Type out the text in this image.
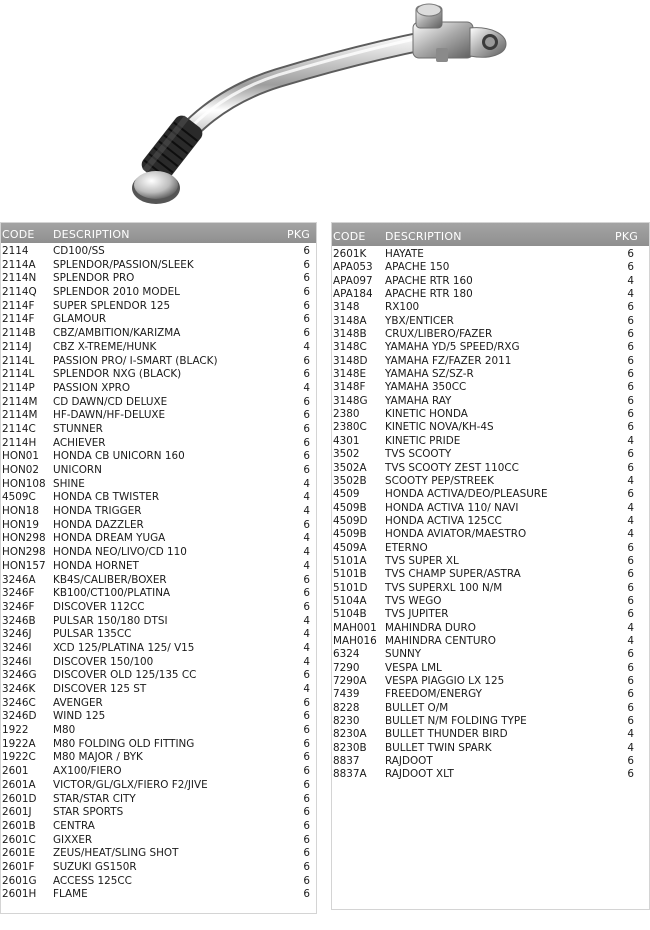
CODE	DESCRIPTION	PKG
2114	CD100/SS	6
2114A	SPLENDOR/PASSION/SLEEK	6
2114N	SPLENDOR PRO	6
2114Q	SPLENDOR 2010 MODEL	6
2114F	SUPER SPLENDOR 125	6
2114F	GLAMOUR	6
2114B	CBZ/AMBITION/KARIZMA	6
2114J	CBZ X-TREME/HUNK	4
2114L	PASSION PRO/ I-SMART (BLACK)	6
2114L	SPLENDOR NXG (BLACK)	6
2114P	PASSION XPRO	4
2114M	CD DAWN/CD DELUXE	6
2114M	HF-DAWN/HF-DELUXE	6
2114C	STUNNER	6
2114H	ACHIEVER	6
HON01	HONDA CB UNICORN 160	6
HON02	UNICORN	6
HON108 SHINE	4
4509C	HONDA CB TWISTER	4
HON18	HONDA TRIGGER	4
HON19	HONDA DAZZLER	6
HON298 HONDA DREAM YUGA	4
HON298 HONDA NEO/LIVO/CD 110	4
HON157 HONDA HORNET	4
3246A	KB4S/CALIBER/BOXER	6
3246F	KB100/CT100/PLATINA	6
3246F	DISCOVER 112CC	6
3246B	PULSAR 150/180 DTSI	4
3246J	PULSAR 135CC	4
3246I	XCD 125/PLATINA 125/ V15	4
3246I	DISCOVER 150/100	4
3246G	DISCOVER OLD 125/135 CC	6
3246K	DISCOVER 125 ST	4
3246C	AVENGER	6
3246D	WIND 125	6
1922	M80	6
1922A	M80 FOLDING OLD FITTING	6
1922C	M80 MAJOR / BYK	6
2601	AX100/FIERO	6
2601A	VICTOR/GL/GLX/FIERO F2/JIVE	6
2601D	STAR/STAR CITY	6
2601J	STAR SPORTS	6
2601B	CENTRA	6
2601C	GIXXER	6
2601E	ZEUS/HEAT/SLING SHOT	6
2601F	SUZUKI GS150R	6
2601G	ACCESS 125CC	6
2601H	FLAME	6
CODE	DESCRIPTION	PKG
2601K	HAYATE	6
APA053	APACHE 150	6
APA097	APACHE RTR 160	4
APA184	APACHE RTR 180	4
3148	RX100	6
3148A	YBX/ENTICER	6
3148B	CRUX/LIBERO/FAZER	6
3148C	YAMAHA YD/5 SPEED/RXG	6
3148D	YAMAHA FZ/FAZER 2011	6
3148E	YAMAHA SZ/SZ-R	6
3148F	YAMAHA 350CC	6
3148G	YAMAHA RAY	6
2380	KINETIC HONDA	6
2380C	KINETIC NOVA/KH-4S	6
4301	KINETIC PRIDE	4
3502	TVS SCOOTY	6
3502A	TVS SCOOTY ZEST 110CC	6
3502B	SCOOTY PEP/STREEK	4
4509	HONDA ACTIVA/DEO/PLEASURE	6
4509B	HONDA ACTIVA 110/ NAVI	4
4509D	HONDA ACTIVA 125CC	4
4509B	HONDA AVIATOR/MAESTRO	4
4509A	ETERNO	6
5101A	TVS SUPER XL	6
5101B	TVS CHAMP SUPER/ASTRA	6
5101D	TVS SUPERXL 100 N/M	6
5104A	TVS WEGO	6
5104B	TVS JUPITER	6
MAH001 MAHINDRA DURO	4
MAH016 MAHINDRA CENTURO	4
6324	SUNNY	6
7290	VESPA LML	6
7290A	VESPA PIAGGIO LX 125	6
7439	FREEDOM/ENERGY	6
8228	BULLET O/M	6
8230	BULLET N/M FOLDING TYPE	6
8230A	BULLET THUNDER BIRD	4
8230B	BULLET TWIN SPARK	4
8837	RAJDOOT	6
8837A	RAJDOOT XLT	6
